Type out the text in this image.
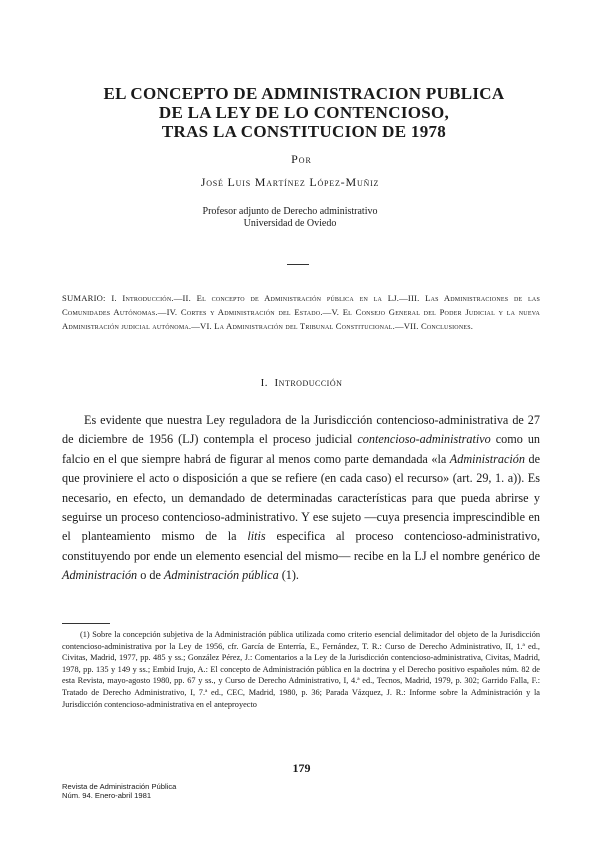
EL CONCEPTO DE ADMINISTRACION PUBLICA
DE LA LEY DE LO CONTENCIOSO,
TRAS LA CONSTITUCION DE 1978
Por
José Luis Martínez López-Muñiz
Profesor adjunto de Derecho administrativo
Universidad de Oviedo
SUMARIO: I. Introducción.—II. El concepto de Administración pública en la LJ.—III. Las Administraciones de las Comunidades Autónomas.—IV. Cortes y Administración del Estado.—V. El Consejo General del Poder Judicial y la nueva Administración judicial autónoma.—VI. La Administración del Tribunal Constitucional.—VII. Conclusiones.
I. Introducción

Es evidente que nuestra Ley reguladora de la Jurisdicción contencioso-administrativa de 27 de diciembre de 1956 (LJ) contempla el proceso judicial contencioso-administrativo como un falcio en el que siempre habrá de figurar al menos como parte demandada «la Administración de que proviniere el acto o disposición a que se refiere (en cada caso) el recurso» (art. 29, 1. a)). Es necesario, en efecto, un demandado de determinadas características para que pueda abrirse y seguirse un proceso contencioso-administrativo. Y ese sujeto —cuya presencia imprescindible en el planteamiento mismo de la litis especifica al proceso contencioso-administrativo, constituyendo por ende un elemento esencial del mismo— recibe en la LJ el nombre genérico de Administración o de Administración pública (1).

(1) Sobre la concepción subjetiva de la Administración pública utilizada como criterio esencial delimitador del objeto de la Jurisdicción contencioso-administrativa por la Ley de 1956, cfr. García de Enterría, E., Fernández, T. R.: Curso de Derecho Administrativo, II, 1.ª ed., Civitas, Madrid, 1977, pp. 485 y ss.; González Pérez, J.: Comentarios a la Ley de la Jurisdicción contencioso-administrativa, Civitas, Madrid, 1978, pp. 135 y 149 y ss.; Embid Irujo, A.: El concepto de Administración pública en la doctrina y el Derecho positivo españoles núm. 82 de esta Revista, mayo-agosto 1980, pp. 67 y ss., y Curso de Derecho Administrativo, I, 4.ª ed., Tecnos, Madrid, 1979, p. 302; Garrido Falla, F.: Tratado de Derecho Administrativo, I, 7.ª ed., CEC, Madrid, 1980, p. 36; Parada Vázquez, J. R.: Informe sobre la Administración y la Jurisdicción contencioso-administrativa en el anteproyecto

179
Revista de Administración Pública
Núm. 94. Enero-abril 1981
